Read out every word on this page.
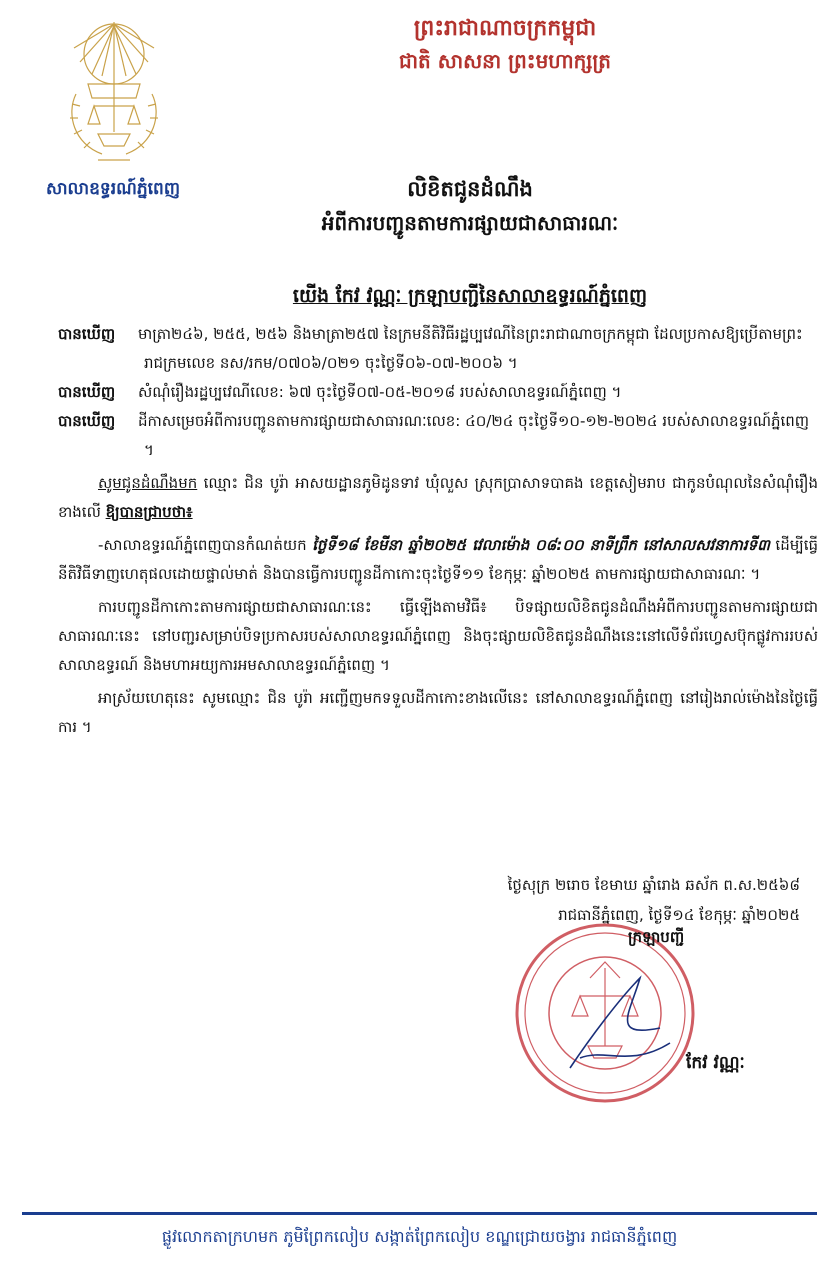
ព្រះរាជាណាចក្រកម្ពុជា
ជាតិ សាសនា ព្រះមហាក្សត្រ
សាលាឧទ្ធរណ៍ភ្នំពេញ	លិខិតជូនដំណឹង
អំពីការបញ្ជូនតាមការផ្សាយជាសាធារណៈ
យើង កែវ វណ្ណៈ ក្រឡាបញ្ជីនៃសាលាឧទ្ធរណ៍ភ្នំពេញ

បានឃើញ មាត្រា២៤៦, ២៥៥, ២៥៦ និងមាត្រា២៥៧ នៃក្រមនីតិវិធីរដ្ឋប្បវេណីនៃព្រះរាជាណាចក្រកម្ពុជា ដែលប្រកាសឱ្យប្រើតាមព្រះរាជក្រមលេខ នស/រកម/០៧០៦/០២១ ចុះថ្ងៃទី០៦-០៧-២០០៦ ។

បានឃើញ សំណុំរឿងរដ្ឋប្បវេណីលេខ: ៦៧ ចុះថ្ងៃទី០៧-០៥-២០១៨ របស់សាលាឧទ្ធរណ៍ភ្នំពេញ ។

បានឃើញ ដីកាសម្រេចអំពីការបញ្ជូនតាមការផ្សាយជាសាធារណៈលេខ: ៤០/២៤ ចុះថ្ងៃទី១០-១២-២០២៤ របស់សាលាឧទ្ធរណ៍ភ្នំពេញ ។

សូមជូនដំណឹងមក ឈ្មោះ ជិន បូរ៉ា អាសយដ្ឋានភូមិដូនទាវ ឃុំលួស ស្រុកប្រាសាទបាគង ខេត្តសៀមរាប ជាកូនបំណុលនៃសំណុំរឿងខាងលើ ឱ្យបានជ្រាបថា៖

-សាលាឧទ្ធរណ៍ភ្នំពេញបានកំណត់យក ថ្ងៃទី១៨ ខែមីនា ឆ្នាំ២០២៥ វេលាម៉ោង ០៨:០០ នាទីព្រឹក នៅសាលសវនាការទី៣ ដើម្បីធ្វើនីតិវិធីទាញហេតុផលដោយផ្ទាល់មាត់ និងបានធ្វើការបញ្ជូនដីកាកោះចុះថ្ងៃទី១១ ខែកុម្ភៈ ឆ្នាំ២០២៥ តាមការផ្សាយជាសាធារណៈ ។

ការបញ្ជូនដីកាកោះតាមការផ្សាយជាសាធារណៈនេះ ធ្វើឡើងតាមវិធី៖ បិទផ្សាយលិខិតជូនដំណឹងអំពីការបញ្ជូនតាមការផ្សាយជាសាធារណៈនេះ នៅបញ្ជរសម្រាប់បិទប្រកាសរបស់សាលាឧទ្ធរណ៍ភ្នំពេញ និងចុះផ្សាយលិខិតជូនដំណឹងនេះនៅលើទំព័រហ្វេសប៊ុកផ្លូវការរបស់ សាលាឧទ្ធរណ៍ និងមហាអយ្យការអមសាលាឧទ្ធរណ៍ភ្នំពេញ ។

អាស្រ័យហេតុនេះ សូមឈ្មោះ ជិន បូរ៉ា អញ្ជើញមកទទួលដីកាកោះខាងលើនេះ នៅសាលាឧទ្ធរណ៍ភ្នំពេញ នៅរៀងរាល់ម៉ោងនៃថ្ងៃធ្វើការ ។

ថ្ងៃសុក្រ ២រោច ខែមាឃ ឆ្នាំរោង ឆស័ក ព.ស.២៥៦៨
រាជធានីភ្នំពេញ, ថ្ងៃទី១៤ ខែកុម្ភៈ ឆ្នាំ២០២៥
ក្រឡាបញ្ជី
កែវ វណ្ណៈ
ផ្លូវលោកតាក្រហមក ភូមិព្រែកលៀប សង្កាត់ព្រែកលៀប ខណ្ឌជ្រោយចង្វារ រាជធានីភ្នំពេញ
